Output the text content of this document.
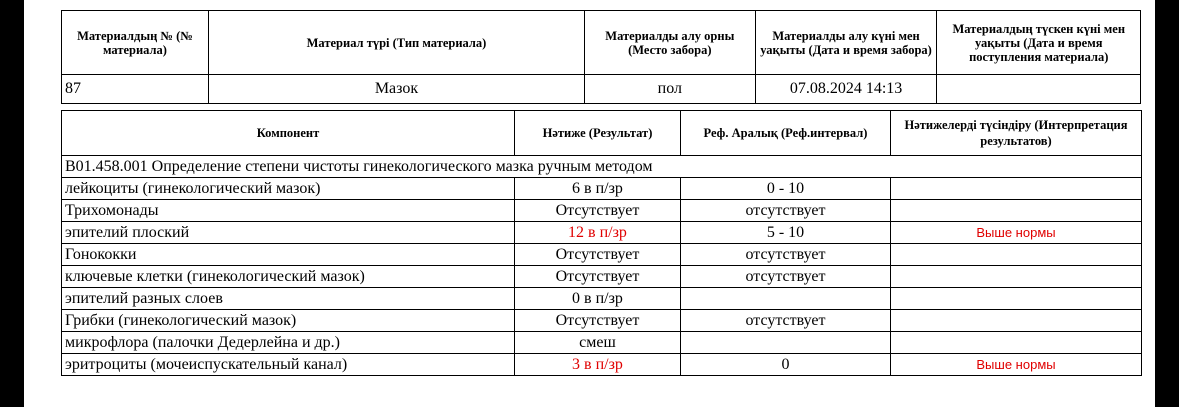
Материалдың № (№ материала)	Материал түрі (Тип материала)	Материалды алу орны (Место забора)	Материалды алу күні мен уақыты (Дата и время забора)	Материалдың түскен күні мен уақыты (Дата и время поступления материала)
87	Мазок	пол	07.08.2024 14:13	
Компонент	Нәтиже (Результат)	Реф. Аралық (Реф.интервал)	Нәтижелерді түсіндіру (Интерпретация результатов)
B01.458.001 Определение степени чистоты гинекологического мазка ручным методом			
лейкоциты (гинекологический мазок)	6 в п/зр	0 - 10	
Трихомонады	Отсутствует	отсутствует	
эпителий плоский	12 в п/зр	5 - 10	Выше нормы
Гонококки	Отсутствует	отсутствует	
ключевые клетки (гинекологический мазок)	Отсутствует	отсутствует	
эпителий разных слоев	0 в п/зр		
Грибки (гинекологический мазок)	Отсутствует	отсутствует	
микрофлора (палочки Дедерлейна и др.)	смеш		
эритроциты (мочеиспускательный канал)	3 в п/зр	0	Выше нормы
